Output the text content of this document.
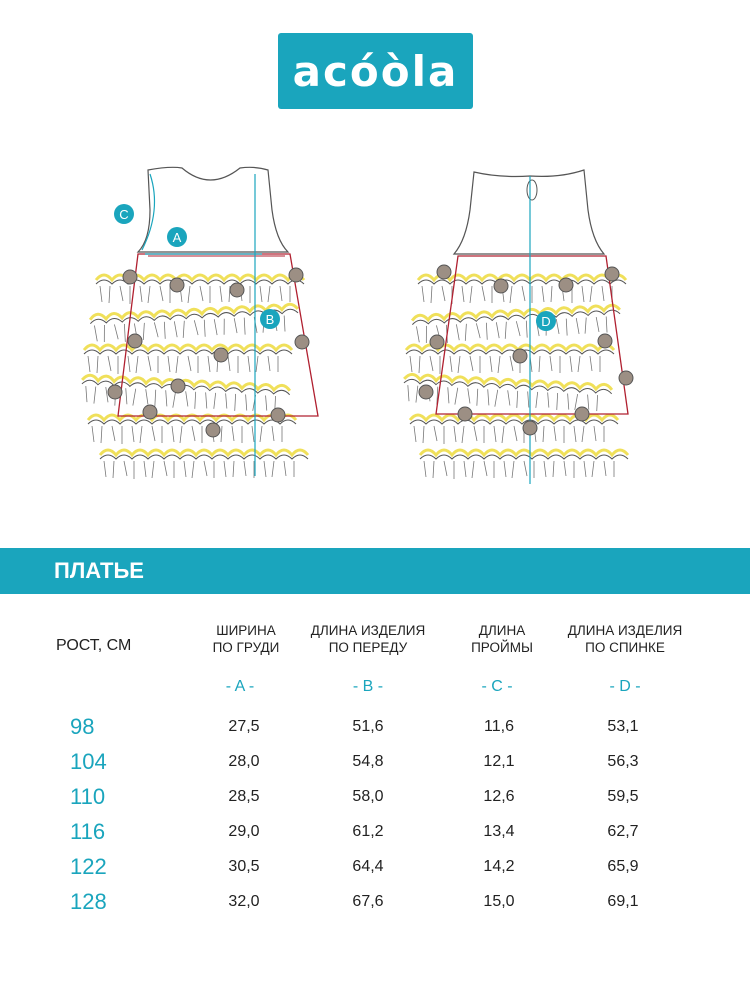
acóòla
C
A
B	D
ПЛАТЬЕ
РОСТ, СМ
ШИРИНА
ПО ГРУДИ
ДЛИНА ИЗДЕЛИЯ
ПО ПЕРЕДУ
ДЛИНА
ПРОЙМЫ
ДЛИНА ИЗДЕЛИЯ
ПО СПИНКЕ
- A -	- B -	- C -	- D -
98	27,5	51,6	11,6	53,1
104	28,0	54,8	12,1	56,3
110	28,5	58,0	12,6	59,5
116	29,0	61,2	13,4	62,7
122	30,5	64,4	14,2	65,9
128	32,0	67,6	15,0	69,1
